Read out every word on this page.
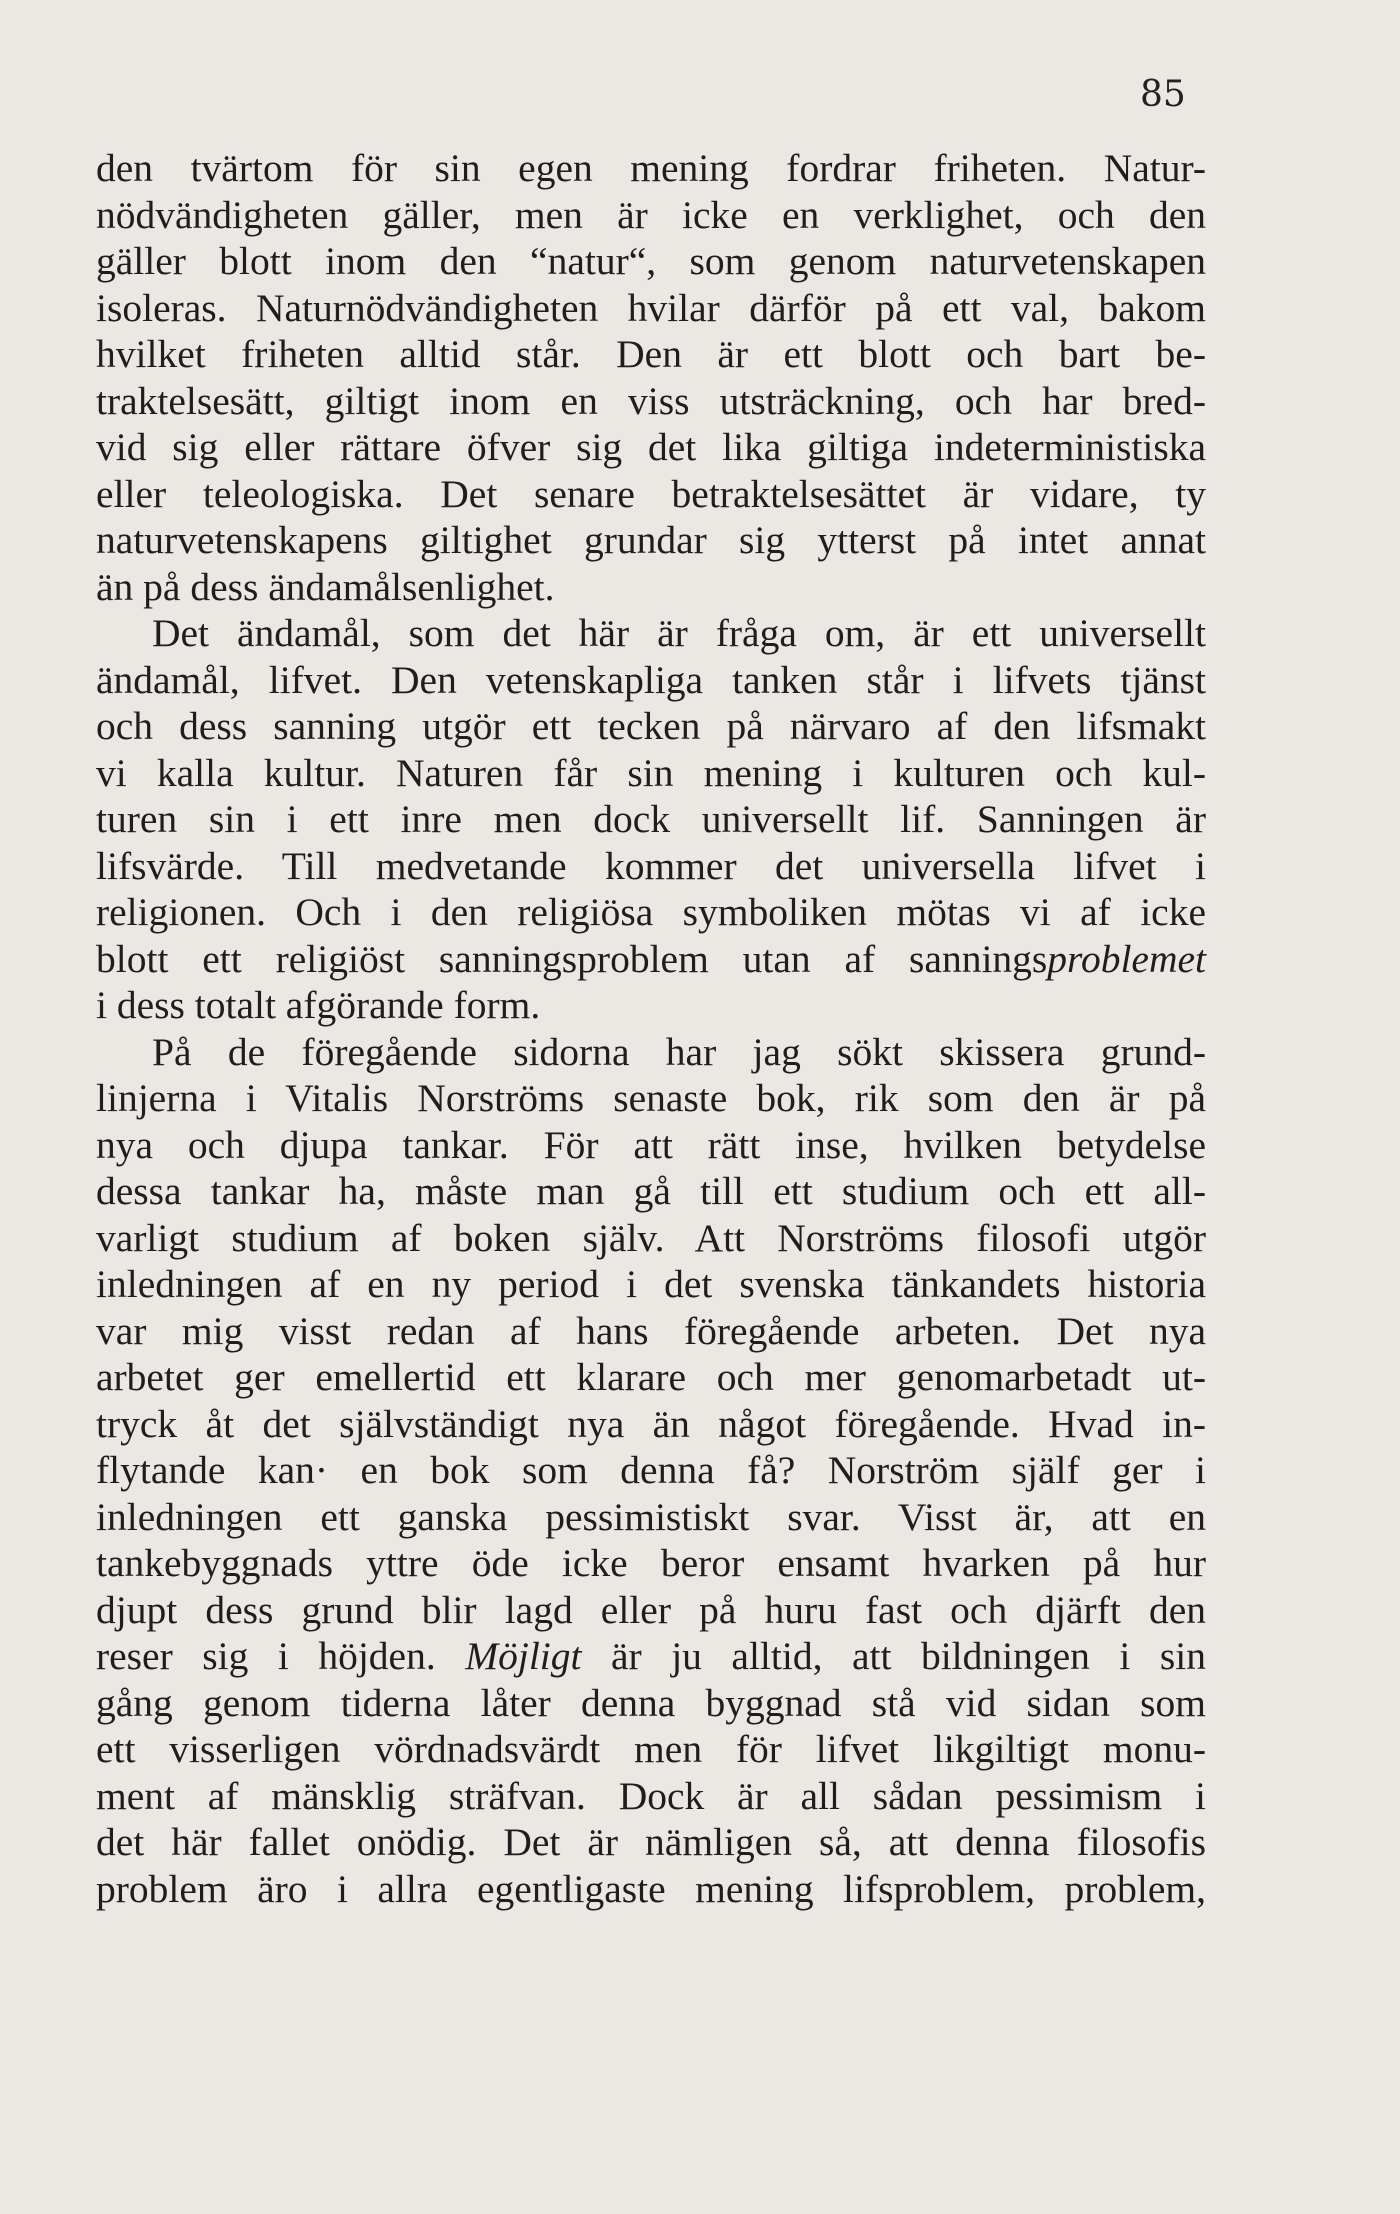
85
den tvärtom för sin egen mening fordrar friheten. Natur-
nödvändigheten gäller, men är icke en verklighet, och den
gäller blott inom den “natur“, som genom naturvetenskapen
isoleras. Naturnödvändigheten hvilar därför på ett val, bakom
hvilket friheten alltid står. Den är ett blott och bart be-
traktelsesätt, giltigt inom en viss utsträckning, och har bred-
vid sig eller rättare öfver sig det lika giltiga indeterministiska
eller teleologiska. Det senare betraktelsesättet är vidare, ty
naturvetenskapens giltighet grundar sig ytterst på intet annat
än på dess ändamålsenlighet.
Det ändamål, som det här är fråga om, är ett universellt
ändamål, lifvet. Den vetenskapliga tanken står i lifvets tjänst
och dess sanning utgör ett tecken på närvaro af den lifsmakt
vi kalla kultur. Naturen får sin mening i kulturen och kul-
turen sin i ett inre men dock universellt lif. Sanningen är
lifsvärde. Till medvetande kommer det universella lifvet i
religionen. Och i den religiösa symboliken mötas vi af icke
blott ett religiöst sanningsproblem utan af sanningsproblemet
i dess totalt afgörande form.
På de föregående sidorna har jag sökt skissera grund-
linjerna i Vitalis Norströms senaste bok, rik som den är på
nya och djupa tankar. För att rätt inse, hvilken betydelse
dessa tankar ha, måste man gå till ett studium och ett all-
varligt studium af boken själv. Att Norströms filosofi utgör
inledningen af en ny period i det svenska tänkandets historia
var mig visst redan af hans föregående arbeten. Det nya
arbetet ger emellertid ett klarare och mer genomarbetadt ut-
tryck åt det självständigt nya än något föregående. Hvad in-
flytande kan· en bok som denna få? Norström själf ger i
inledningen ett ganska pessimistiskt svar. Visst är, att en
tankebyggnads yttre öde icke beror ensamt hvarken på hur
djupt dess grund blir lagd eller på huru fast och djärft den
reser sig i höjden. Möjligt är ju alltid, att bildningen i sin
gång genom tiderna låter denna byggnad stå vid sidan som
ett visserligen vördnadsvärdt men för lifvet likgiltigt monu-
ment af mänsklig sträfvan. Dock är all sådan pessimism i
det här fallet onödig. Det är nämligen så, att denna filosofis
problem äro i allra egentligaste mening lifsproblem, problem,
